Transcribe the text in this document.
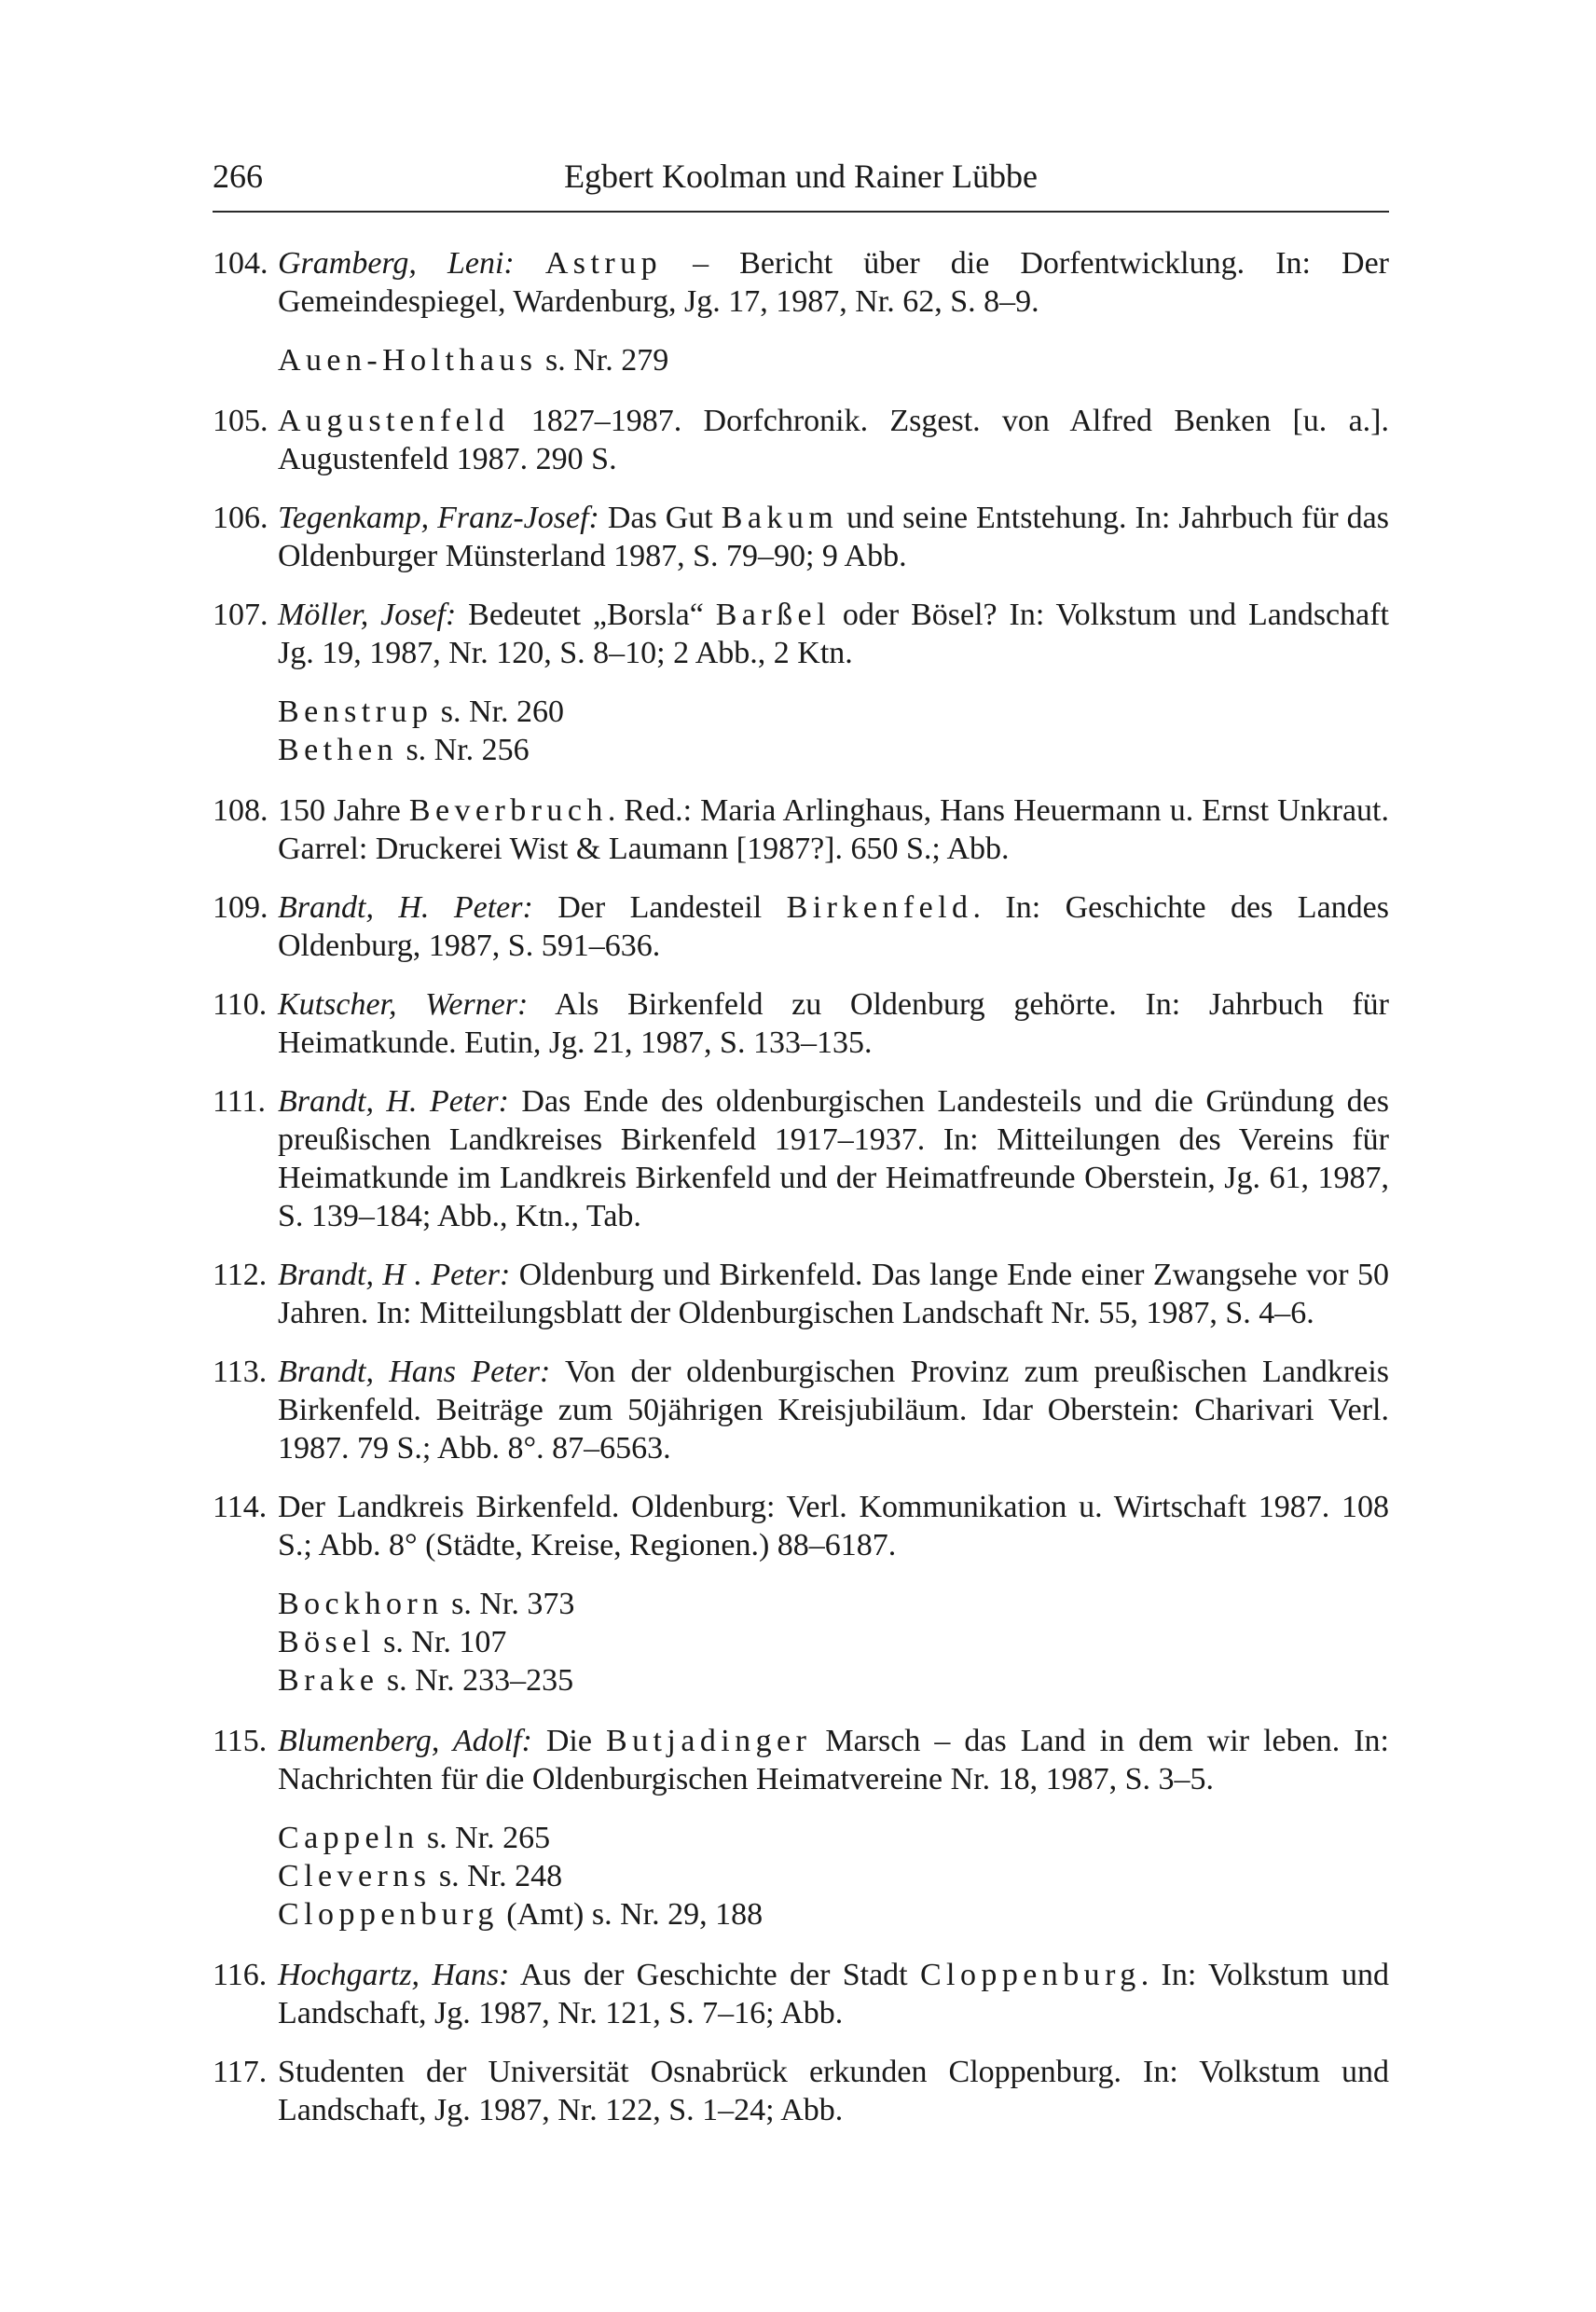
266	Egbert Koolman und Rainer Lübbe
104. Gramberg, Leni: Astrup – Bericht über die Dorfentwicklung. In: Der Gemeindespiegel, Wardenburg, Jg. 17, 1987, Nr. 62, S. 8–9.
Auen-Holthaus s. Nr. 279
105. Augustenfeld 1827–1987. Dorfchronik. Zsgest. von Alfred Benken [u. a.]. Augustenfeld 1987. 290 S.
106. Tegenkamp, Franz-Josef: Das Gut Bakum und seine Entstehung. In: Jahrbuch für das Oldenburger Münsterland 1987, S. 79–90; 9 Abb.
107. Möller, Josef: Bedeutet „Borsla“ Barßel oder Bösel? In: Volkstum und Landschaft Jg. 19, 1987, Nr. 120, S. 8–10; 2 Abb., 2 Ktn.
Benstrup s. Nr. 260
Bethen s. Nr. 256
108. 150 Jahre Beverbruch. Red.: Maria Arlinghaus, Hans Heuermann u. Ernst Unkraut. Garrel: Druckerei Wist & Laumann [1987?]. 650 S.; Abb.
109. Brandt, H. Peter: Der Landesteil Birkenfeld. In: Geschichte des Landes Oldenburg, 1987, S. 591–636.
110. Kutscher, Werner: Als Birkenfeld zu Oldenburg gehörte. In: Jahrbuch für Heimatkunde. Eutin, Jg. 21, 1987, S. 133–135.
111. Brandt, H. Peter: Das Ende des oldenburgischen Landesteils und die Gründung des preußischen Landkreises Birkenfeld 1917–1937. In: Mitteilungen des Vereins für Heimatkunde im Landkreis Birkenfeld und der Heimatfreunde Oberstein, Jg. 61, 1987, S. 139–184; Abb., Ktn., Tab.
112. Brandt, H . Peter: Oldenburg und Birkenfeld. Das lange Ende einer Zwangsehe vor 50 Jahren. In: Mitteilungsblatt der Oldenburgischen Landschaft Nr. 55, 1987, S. 4–6.
113. Brandt, Hans Peter: Von der oldenburgischen Provinz zum preußischen Landkreis Birkenfeld. Beiträge zum 50jährigen Kreisjubiläum. Idar Oberstein: Charivari Verl. 1987. 79 S.; Abb. 8°. 87–6563.
114. Der Landkreis Birkenfeld. Oldenburg: Verl. Kommunikation u. Wirtschaft 1987. 108 S.; Abb. 8° (Städte, Kreise, Regionen.) 88–6187.
Bockhorn s. Nr. 373
Bösel s. Nr. 107
Brake s. Nr. 233–235
115. Blumenberg, Adolf: Die Butjadinger Marsch – das Land in dem wir leben. In: Nachrichten für die Oldenburgischen Heimatvereine Nr. 18, 1987, S. 3–5.
Cappeln s. Nr. 265
Cleverns s. Nr. 248
Cloppenburg (Amt) s. Nr. 29, 188
116. Hochgartz, Hans: Aus der Geschichte der Stadt Cloppenburg. In: Volkstum und Landschaft, Jg. 1987, Nr. 121, S. 7–16; Abb.
117. Studenten der Universität Osnabrück erkunden Cloppenburg. In: Volkstum und Landschaft, Jg. 1987, Nr. 122, S. 1–24; Abb.
